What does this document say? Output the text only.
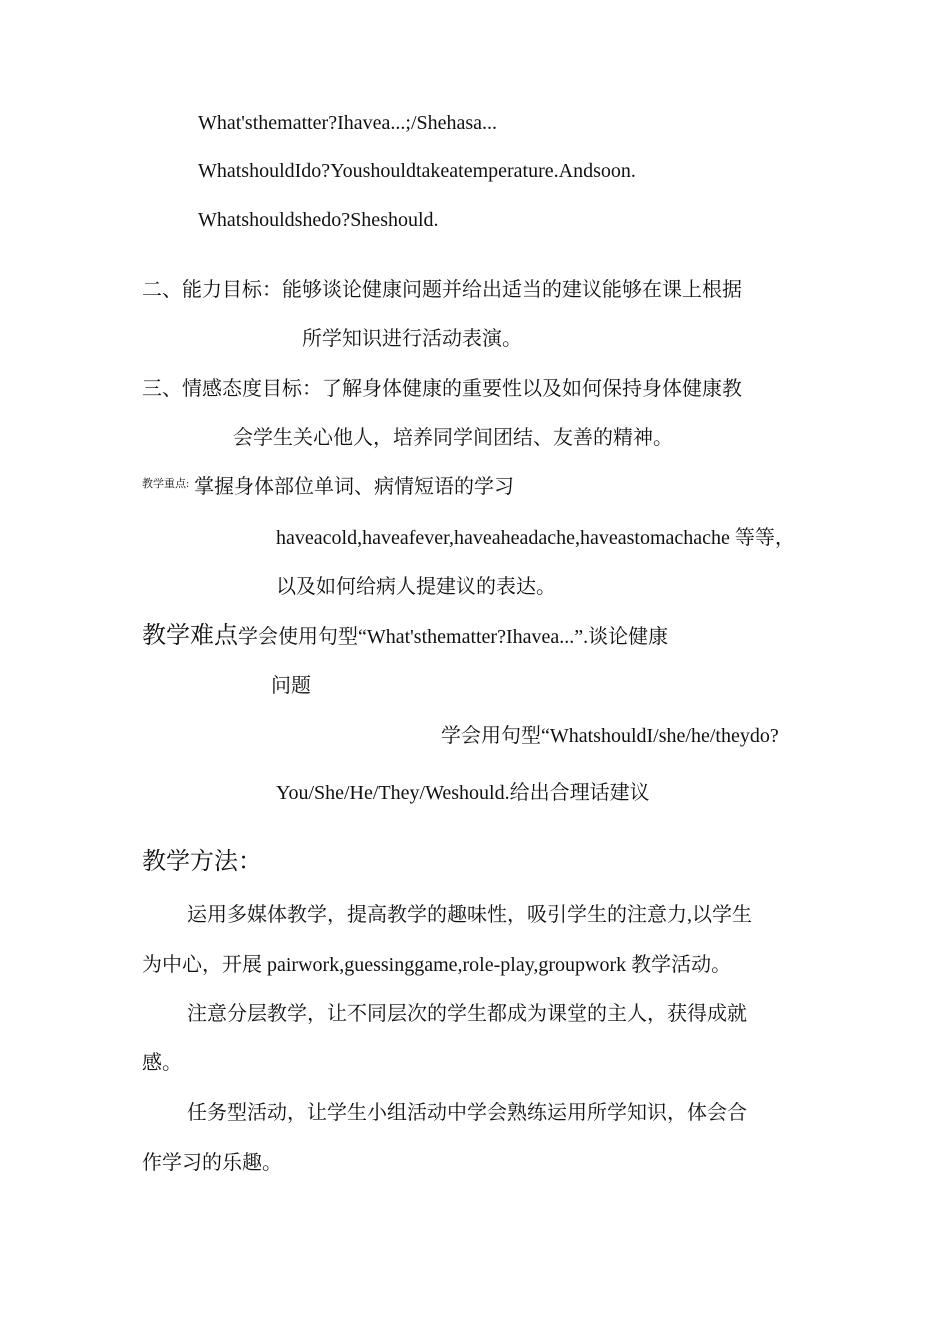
What'sthematter?Ihavea...;/Shehasa...
WhatshouldIdo?Youshouldtakeatemperature.Andsoon.
Whatshouldshedo?Sheshould.
二、能力目标：能够谈论健康问题并给出适当的建议能够在课上根据
所学知识进行活动表演。
三、情感态度目标：了解身体健康的重要性以及如何保持身体健康教
会学生关心他人，培养同学间团结、友善的精神。
$^{教学重点:}$ 掌握身体部位单词、病情短语的学习
haveacold,haveafever,haveaheadache,haveastomachache 等等，
以及如何给病人提建议的表达。
教学难点学会使用句型“What'sthematter?Ihavea...”.谈论健康
问题
学会用句型“WhatshouldI/she/he/theydo?
You/She/He/They/Weshould.给出合理话建议
教学方法：
运用多媒体教学，提高教学的趣味性，吸引学生的注意力,以学生
为中心，开展 pairwork,guessinggame,role-play,groupwork 教学活动。
注意分层教学，让不同层次的学生都成为课堂的主人，获得成就
感。
任务型活动，让学生小组活动中学会熟练运用所学知识，体会合
作学习的乐趣。
